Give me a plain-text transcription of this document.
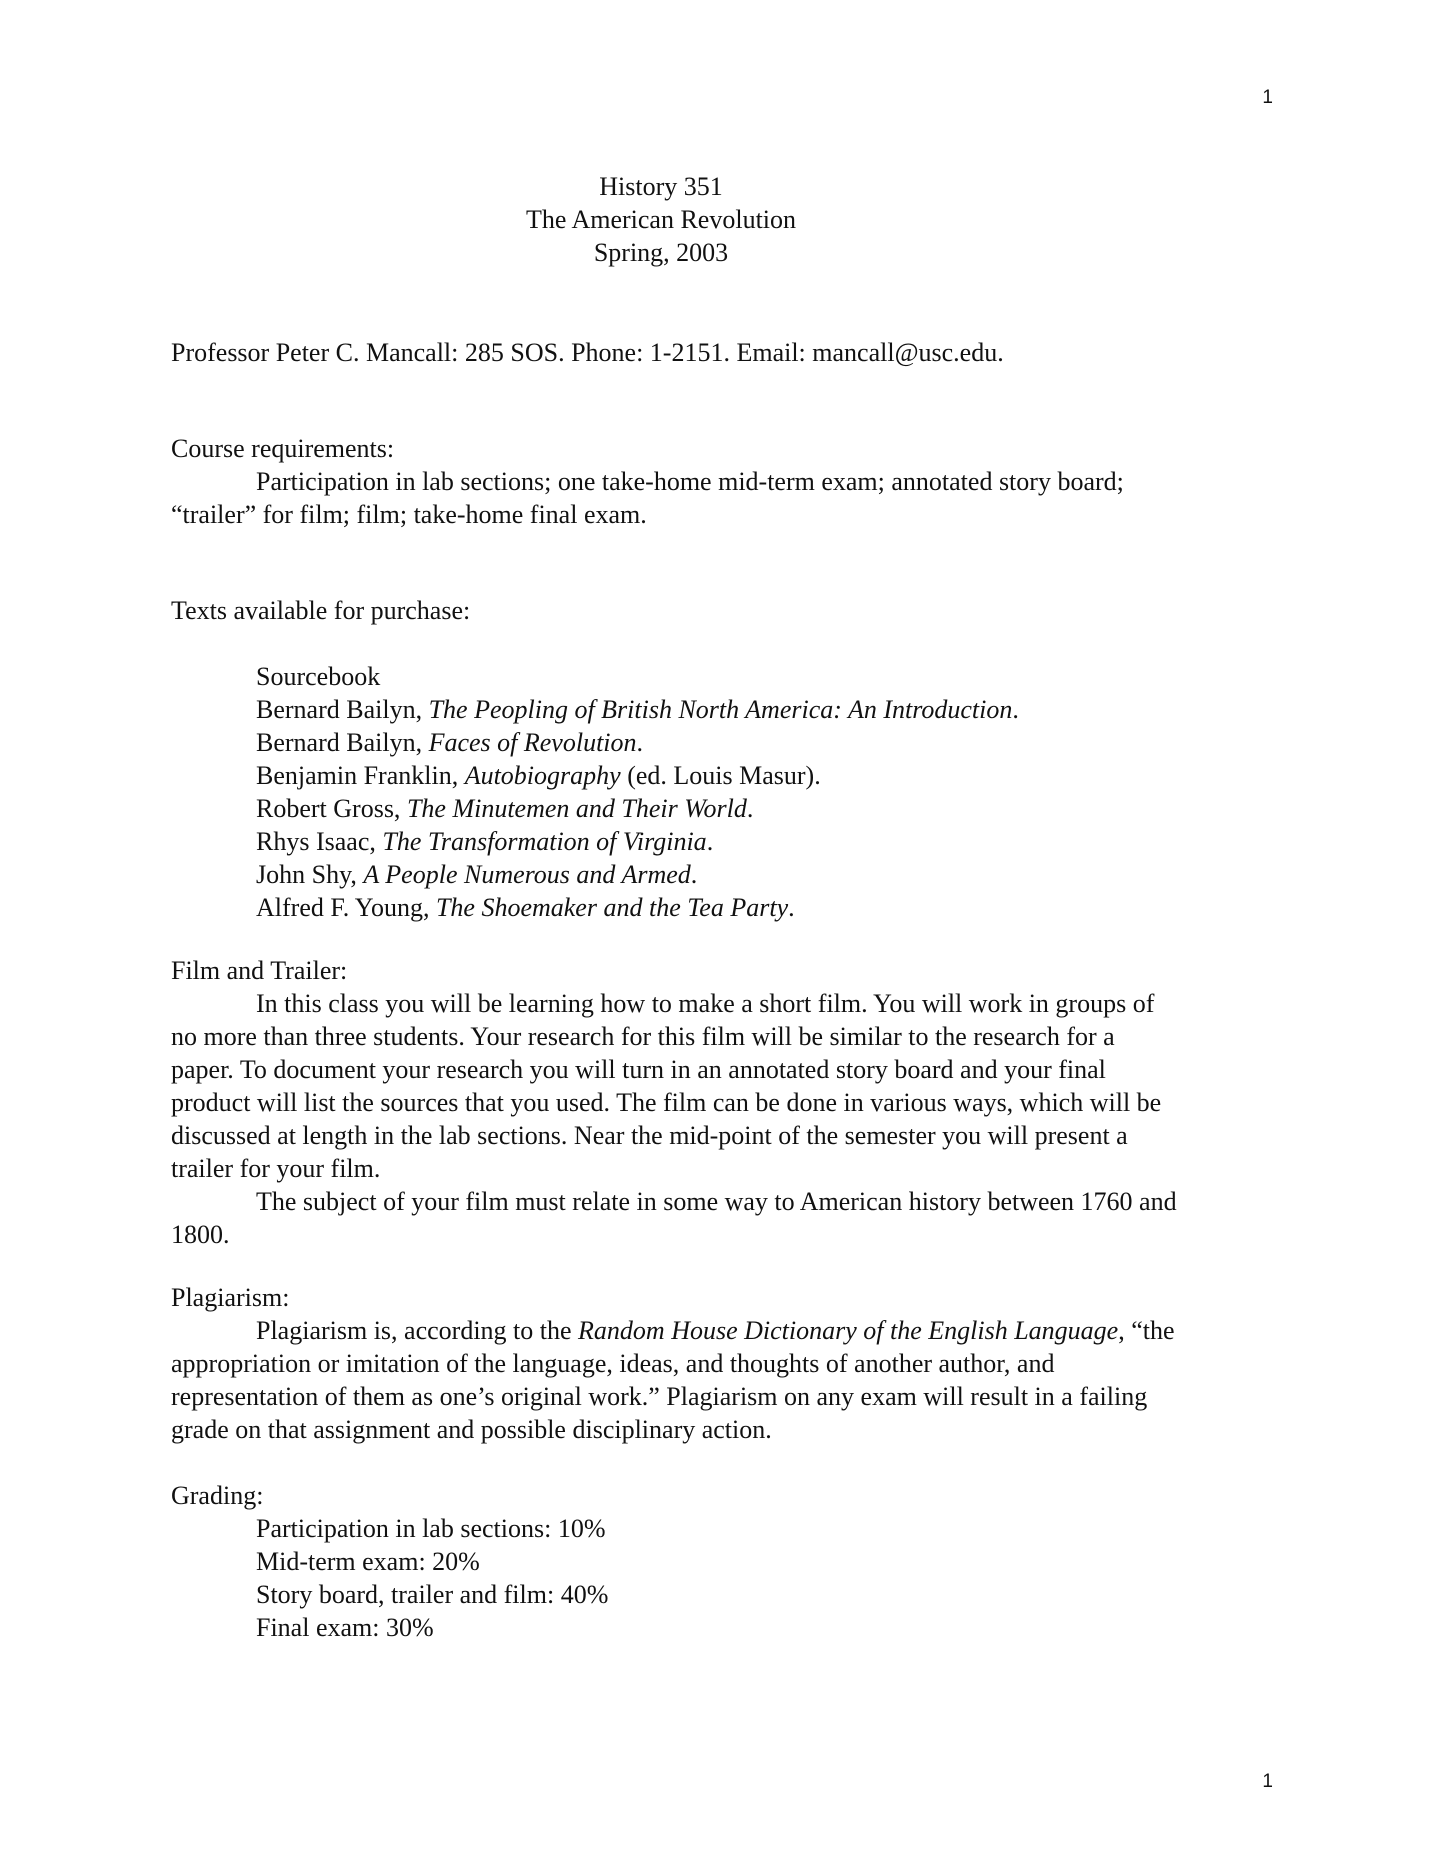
1
History 351
The American Revolution
Spring, 2003
Professor Peter C. Mancall: 285 SOS. Phone: 1-2151. Email: mancall@usc.edu.
Course requirements:
Participation in lab sections; one take-home mid-term exam; annotated story board;
“trailer” for film; film; take-home final exam.
Texts available for purchase:
Sourcebook
Bernard Bailyn, The Peopling of British North America: An Introduction.
Bernard Bailyn, Faces of Revolution.
Benjamin Franklin, Autobiography (ed. Louis Masur).
Robert Gross, The Minutemen and Their World.
Rhys Isaac, The Transformation of Virginia.
John Shy, A People Numerous and Armed.
Alfred F. Young, The Shoemaker and the Tea Party.
Film and Trailer:
In this class you will be learning how to make a short film. You will work in groups of
no more than three students. Your research for this film will be similar to the research for a
paper. To document your research you will turn in an annotated story board and your final
product will list the sources that you used. The film can be done in various ways, which will be
discussed at length in the lab sections. Near the mid-point of the semester you will present a
trailer for your film.
The subject of your film must relate in some way to American history between 1760 and
1800.
Plagiarism:
Plagiarism is, according to the Random House Dictionary of the English Language, “the
appropriation or imitation of the language, ideas, and thoughts of another author, and
representation of them as one’s original work.” Plagiarism on any exam will result in a failing
grade on that assignment and possible disciplinary action.
Grading:
Participation in lab sections: 10%
Mid-term exam: 20%
Story board, trailer and film: 40%
Final exam: 30%
1
